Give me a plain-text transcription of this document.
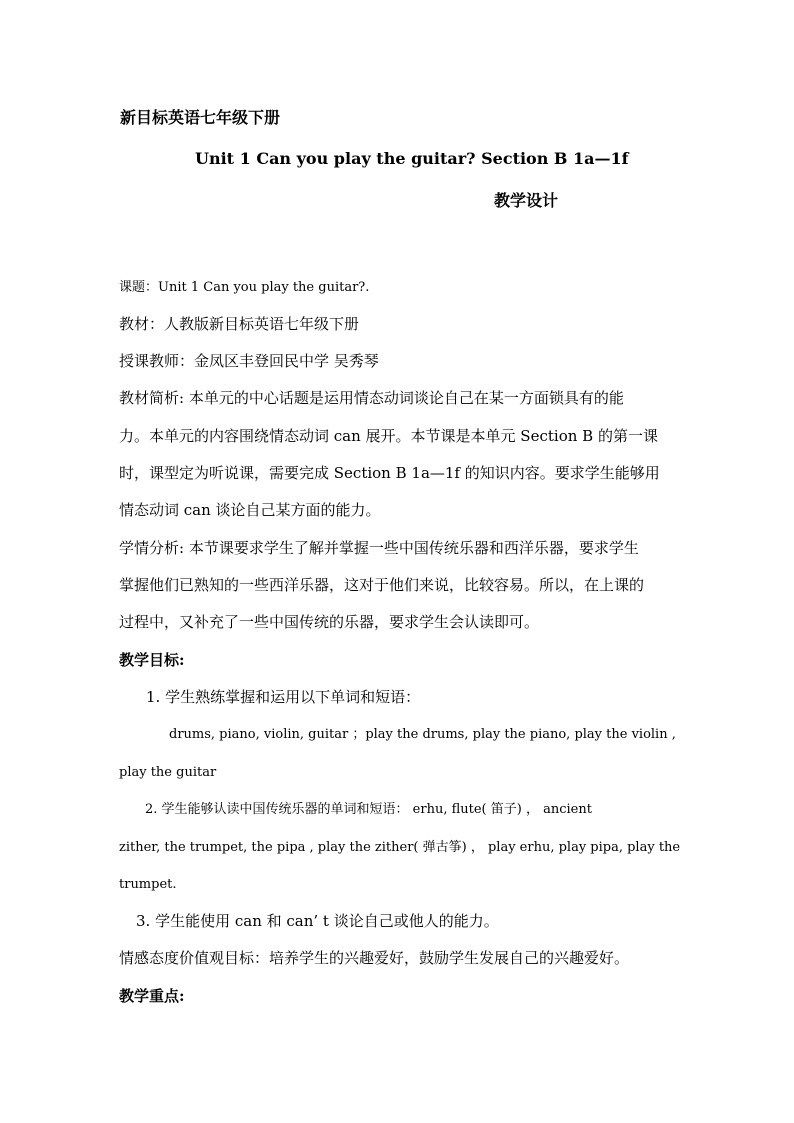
新目标英语七年级下册
Unit 1 Can you play the guitar? Section B 1a—1f
教学设计
课题：Unit 1 Can you play the guitar?.
教材：人教版新目标英语七年级下册
授课教师：金凤区丰登回民中学 吴秀琴
教材简析: 本单元的中心话题是运用情态动词谈论自己在某一方面锁具有的能
力。本单元的内容围绕情态动词 can 展开。本节课是本单元 Section B 的第一课
时，课型定为听说课，需要完成 Section B 1a—1f 的知识内容。要求学生能够用
情态动词 can 谈论自己某方面的能力。
学情分析: 本节课要求学生了解并掌握一些中国传统乐器和西洋乐器，要求学生
掌握他们已熟知的一些西洋乐器，这对于他们来说，比较容易。所以，在上课的
过程中，又补充了一些中国传统的乐器，要求学生会认读即可。
教学目标:
1. 学生熟练掌握和运用以下单词和短语：
drums, piano, violin, guitar ；play the drums, play the piano, play the violin ,
play the guitar
2. 学生能够认读中国传统乐器的单词和短语： erhu, flute( 笛子) ， ancient
zither, the trumpet, the pipa , play the zither( 弹古筝) ， play erhu, play pipa, play the
trumpet.
3. 学生能使用 can 和 can’ t 谈论自己或他人的能力。
情感态度价值观目标：培养学生的兴趣爱好，鼓励学生发展自己的兴趣爱好。
教学重点:
